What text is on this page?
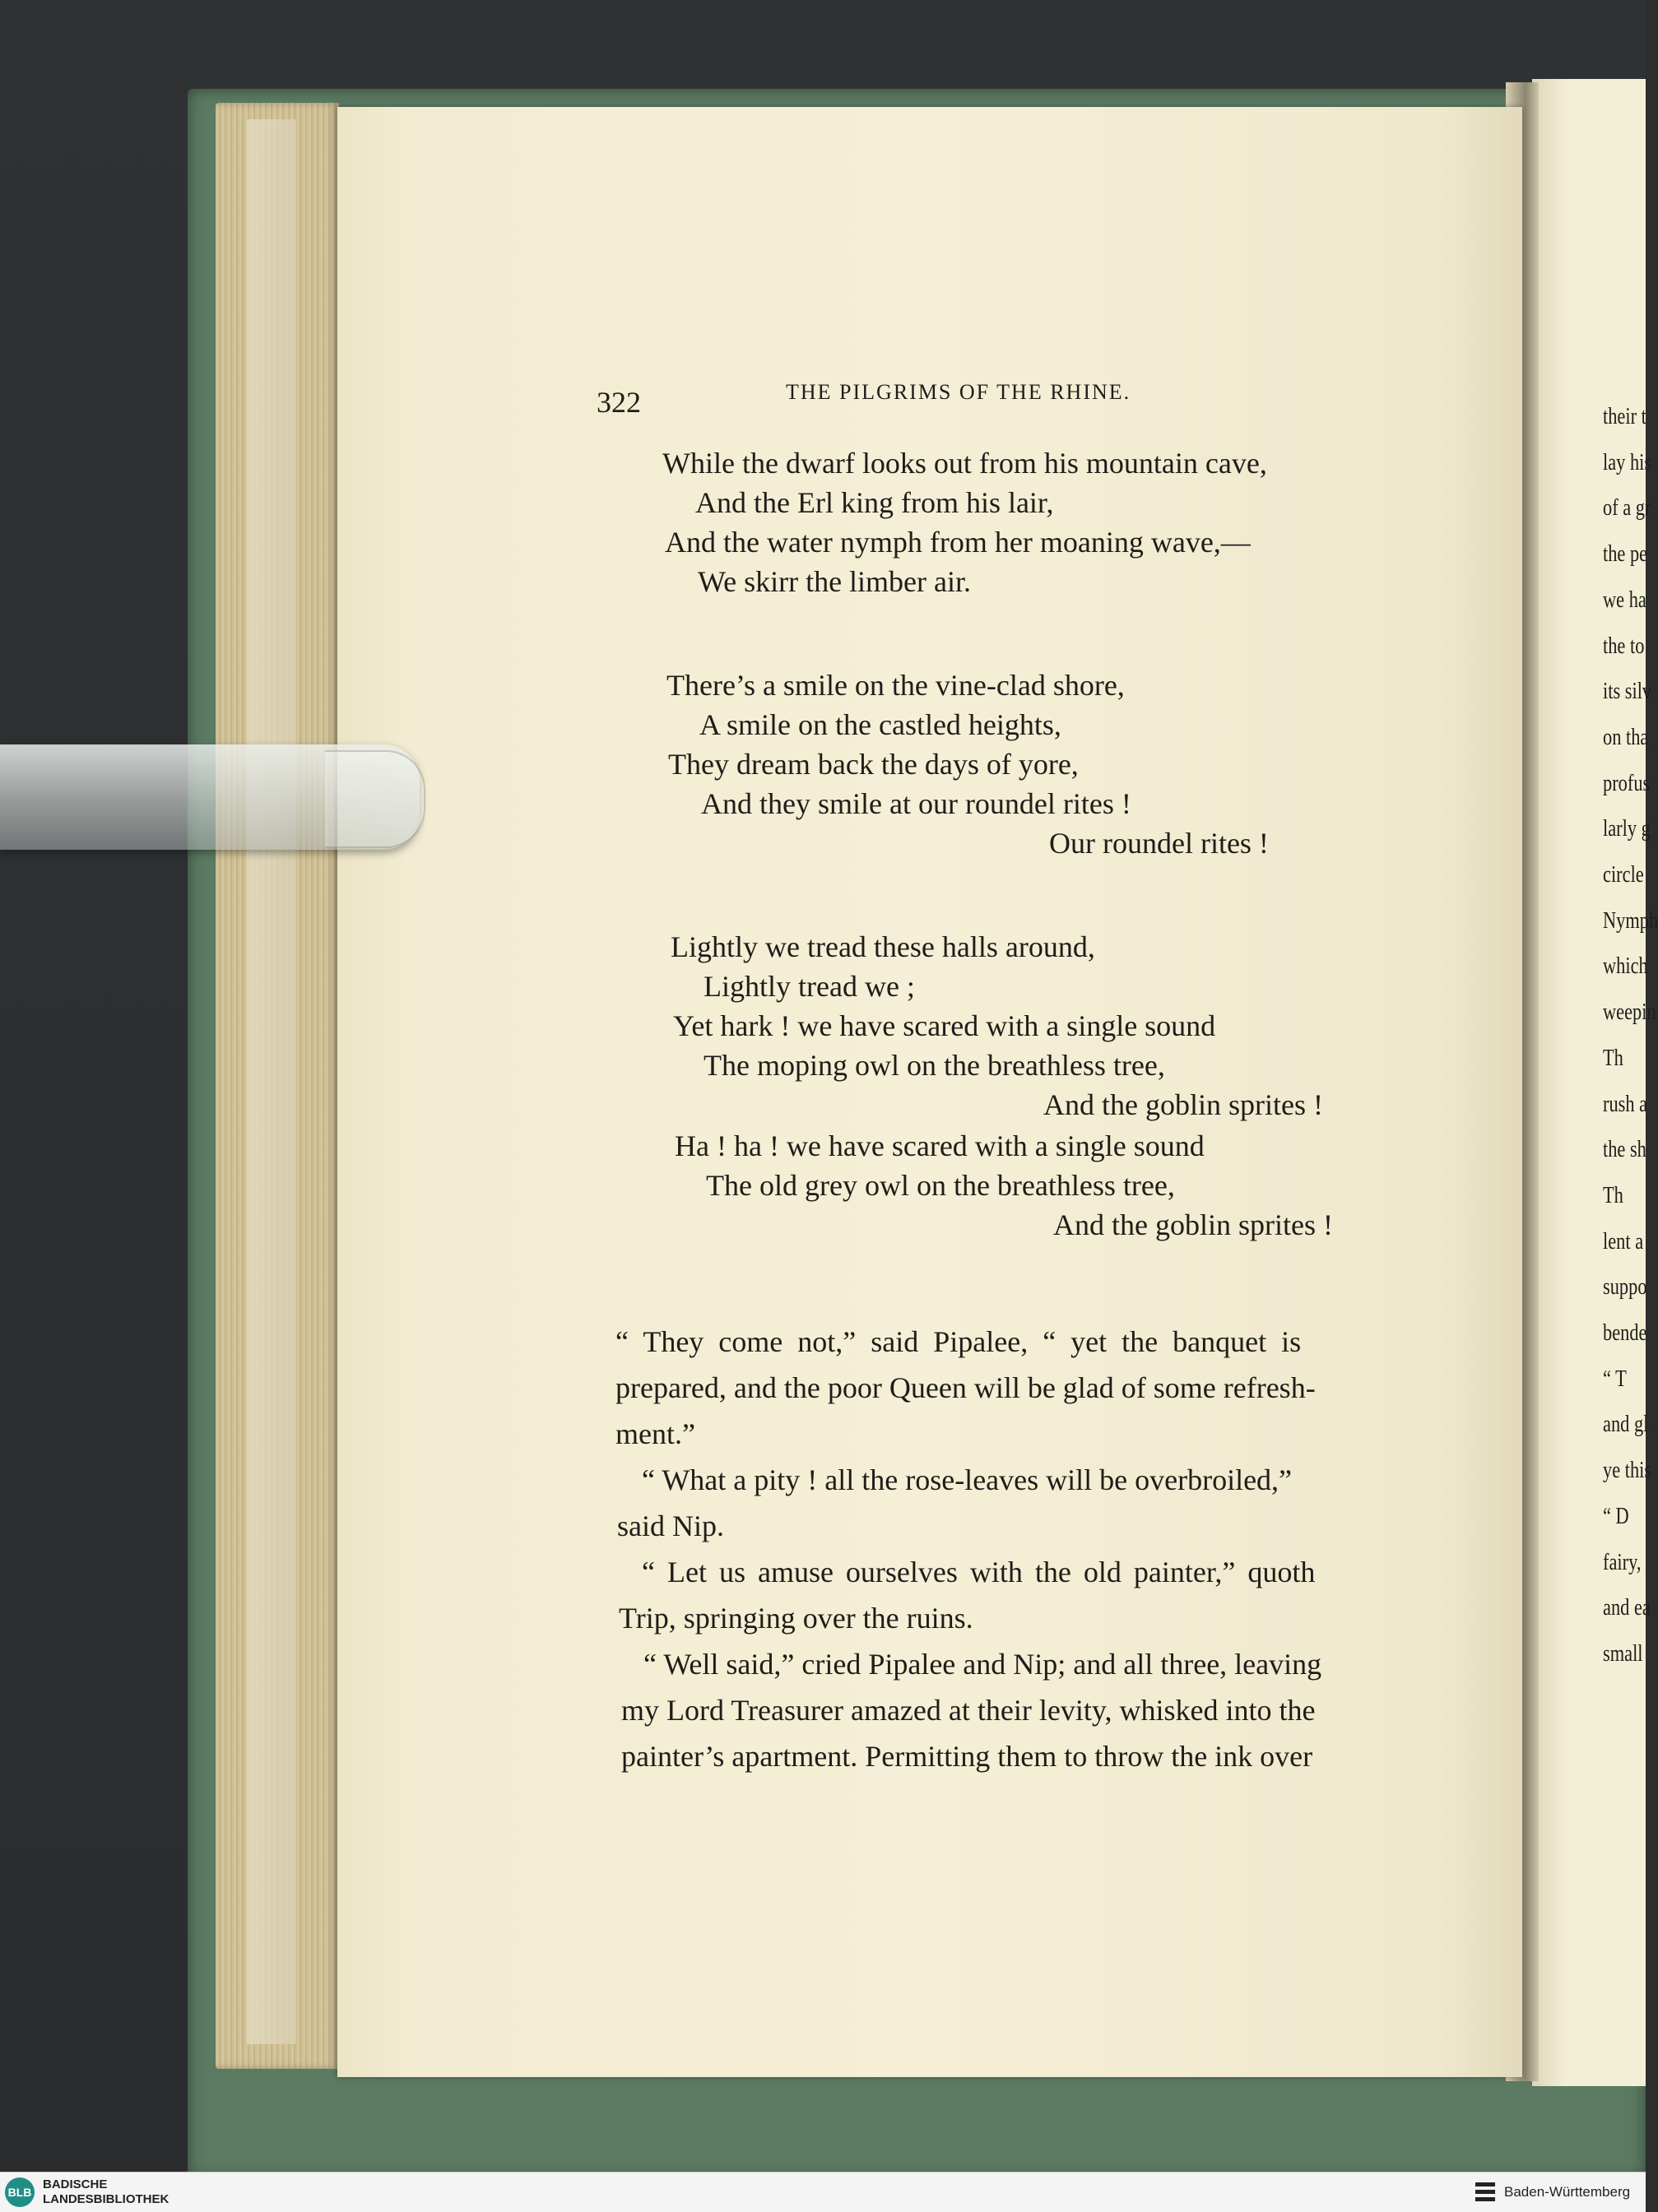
their t
lay his
of a gr
the pe
we ha
the to
its silv
on tha
profus
larly g
circle
Nymph
which
weepin
Th
rush a
the sh
Th
lent a
suppo
bende
“ T
and gl
ye this
“ D
fairy,
and ea
small
322	THE PILGRIMS OF THE RHINE.
While the dwarf looks out from his mountain cave,
And the Erl king from his lair,
And the water nymph from her moaning wave,—
We skirr the limber air.
There’s a smile on the vine-clad shore,
A smile on the castled heights,
They dream back the days of yore,
And they smile at our roundel rites !
Our roundel rites !
Lightly we tread these halls around,
Lightly tread we ;
Yet hark ! we have scared with a single sound
The moping owl on the breathless tree,
And the goblin sprites !
Ha ! ha ! we have scared with a single sound
The old grey owl on the breathless tree,
And the goblin sprites !
“ They come not,” said Pipalee, “ yet the banquet is
prepared, and the poor Queen will be glad of some refresh-
ment.”
“ What a pity ! all the rose-leaves will be overbroiled,”
said Nip.
“ Let us amuse ourselves with the old painter,” quoth
Trip, springing over the ruins.
“ Well said,” cried Pipalee and Nip; and all three, leaving
my Lord Treasurer amazed at their levity, whisked into the
painter’s apartment. Permitting them to throw the ink over
BLB
BADISCHE
LANDESBIBLIOTHEK	Baden-Württemberg
